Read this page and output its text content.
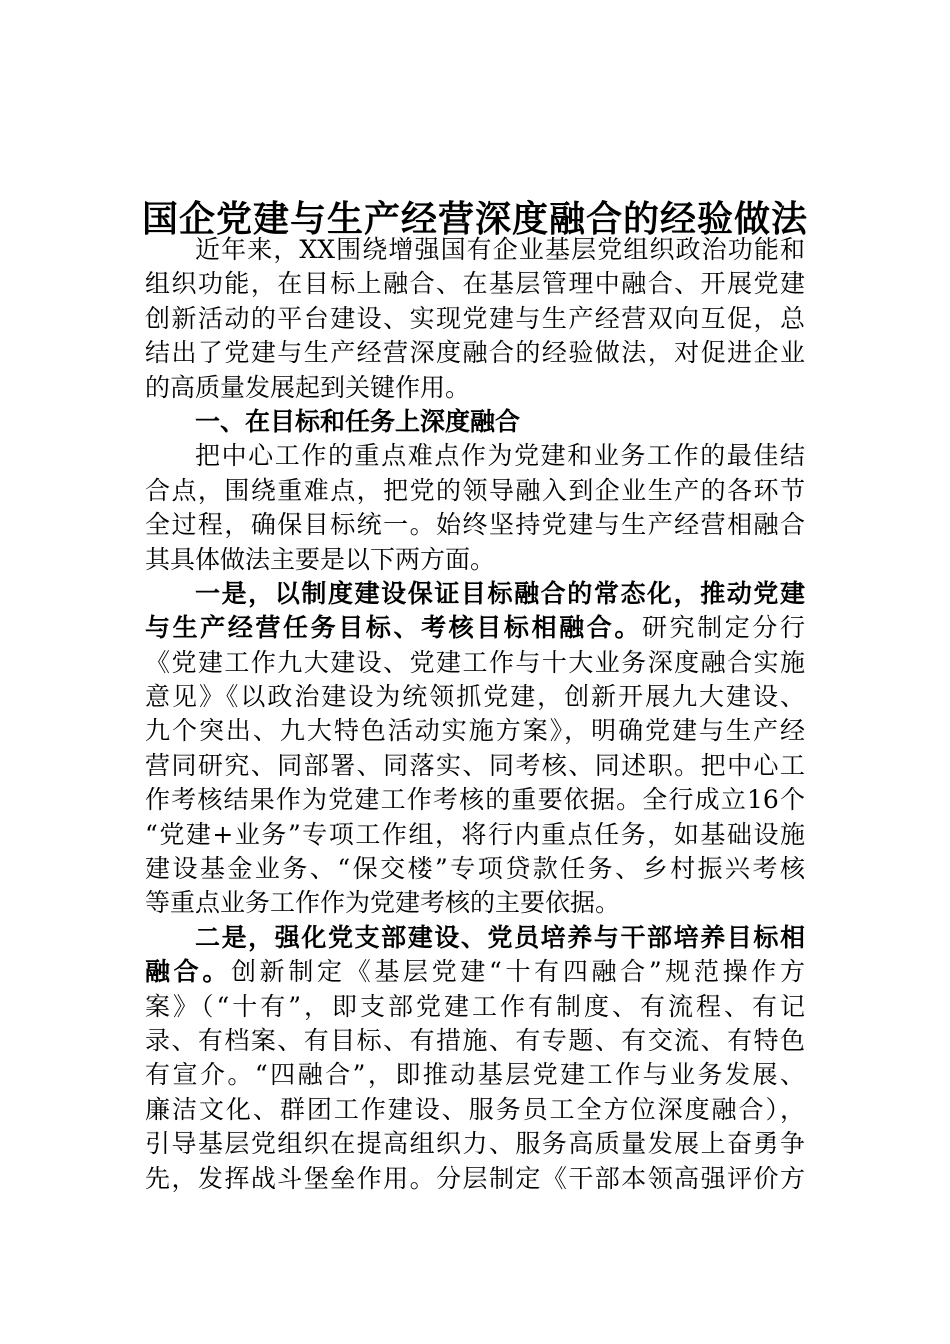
国企党建与生产经营深度融合的经验做法
近年来，XX围绕增强国有企业基层党组织政治功能和
组织功能，在目标上融合、在基层管理中融合、开展党建
创新活动的平台建设、实现党建与生产经营双向互促，总
结出了党建与生产经营深度融合的经验做法，对促进企业
的高质量发展起到关键作用。
一、在目标和任务上深度融合
把中心工作的重点难点作为党建和业务工作的最佳结
合点，围绕重难点，把党的领导融入到企业生产的各环节
全过程，确保目标统一。始终坚持党建与生产经营相融合
其具体做法主要是以下两方面。
一是，以制度建设保证目标融合的常态化，推动党建
与生产经营任务目标、考核目标相融合。研究制定分行
《党建工作九大建设、党建工作与十大业务深度融合实施
意见》《以政治建设为统领抓党建，创新开展九大建设、
九个突出、九大特色活动实施方案》，明确党建与生产经
营同研究、同部署、同落实、同考核、同述职。把中心工
作考核结果作为党建工作考核的重要依据。全行成立16个
“党建+业务”专项工作组，将行内重点任务，如基础设施
建设基金业务、“保交楼”专项贷款任务、乡村振兴考核
等重点业务工作作为党建考核的主要依据。
二是，强化党支部建设、党员培养与干部培养目标相
融合。创新制定《基层党建“十有四融合”规范操作方
案》（“十有”，即支部党建工作有制度、有流程、有记
录、有档案、有目标、有措施、有专题、有交流、有特色
有宣介。“四融合”，即推动基层党建工作与业务发展、
廉洁文化、群团工作建设、服务员工全方位深度融合），
引导基层党组织在提高组织力、服务高质量发展上奋勇争
先，发挥战斗堡垒作用。分层制定《干部本领高强评价方
